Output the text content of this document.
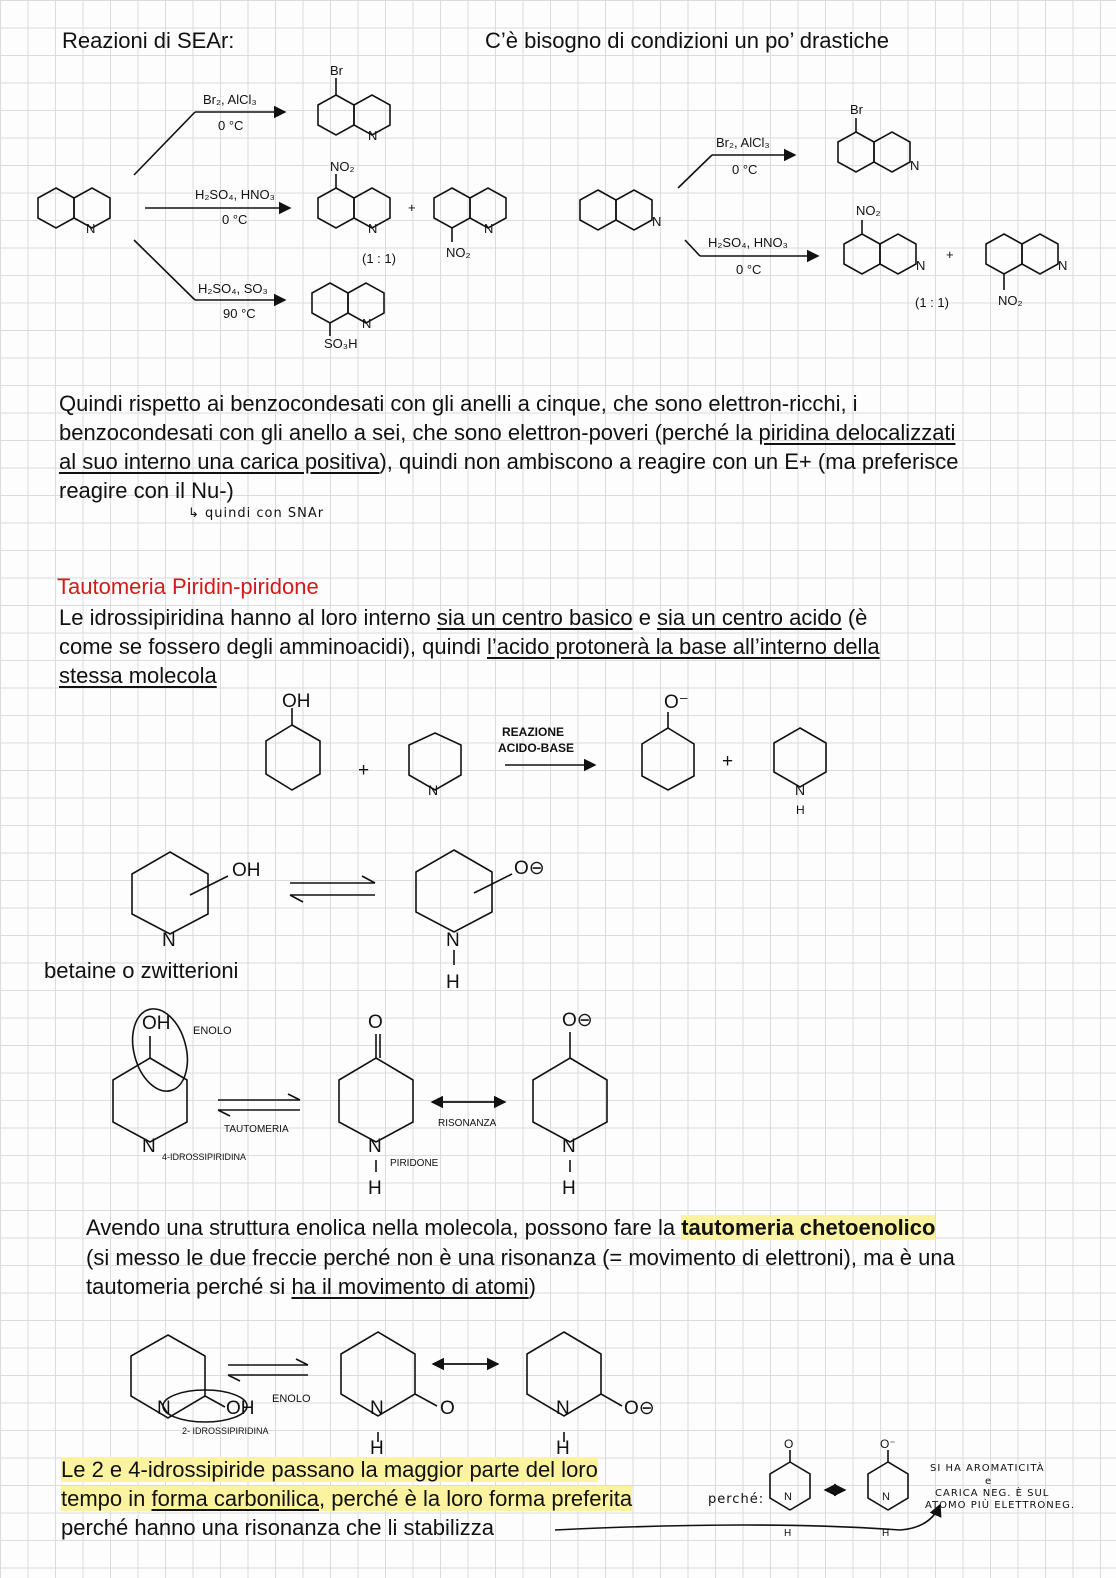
​
Reazioni di SEAr:	C’è bisogno di condizioni un po’ drastiche
Quindi rispetto ai benzocondesati con gli anelli a cinque, che sono elettron-ricchi, i
benzocondesati con gli anello a sei, che sono elettron-poveri (perché la piridina delocalizzati
al suo interno una carica positiva), quindi non ambiscono a reagire con un E+ (ma preferisce
reagire con il Nu-)
↳ quindi con SNAr
Tautomeria Piridin-piridone
Le idrossipiridina hanno al loro interno sia un centro basico e sia un centro acido (è
come se fossero degli amminoacidi), quindi l’acido protonerà la base all’interno della
stessa molecola
betaine o zwitterioni
Avendo una struttura enolica nella molecola, possono fare la tautomeria chetoenolico
(si messo le due freccie perché non è una risonanza (= movimento di elettroni), ma è una
tautomeria perché si ha il movimento di atomi)
Le 2 e 4-idrossipiride passano la maggior parte del loro
tempo in forma carbonilica, perché è la loro forma preferita	perché:
perché hanno una risonanza che li stabilizza
SI HA AROMATICITÀ
e
CARICA NEG. È SUL
ATOMO PIÙ ELETTRONEG.
Br₂, AlCl₃
0 °C
H₂SO₄, HNO₃
0 °C
H₂SO₄, SO₃
90 °C
Br
NO₂
NO₂
SO₃H
N
N
N	N
N
+
(1 : 1)
Br₂, AlCl₃
0 °C
H₂SO₄, HNO₃
0 °C
Br
NO₂
NO₂
N
N
N	N
+
(1 : 1)
OH
+
N
O⁻
+
N
H
REAZIONE
ACIDO-BASE
OH
N
O⊖
N
H
OH ENOLO
N 4-IDROSSIPIRIDINA
TAUTOMERIA
O
N
H
PIRIDONE
RISONANZA
O⊖
N
H
N	OH ENOLO
2- IDROSSIPIRIDINA
N	O
H
N	O⊖
H
N
H
O
N
H
O⁻
